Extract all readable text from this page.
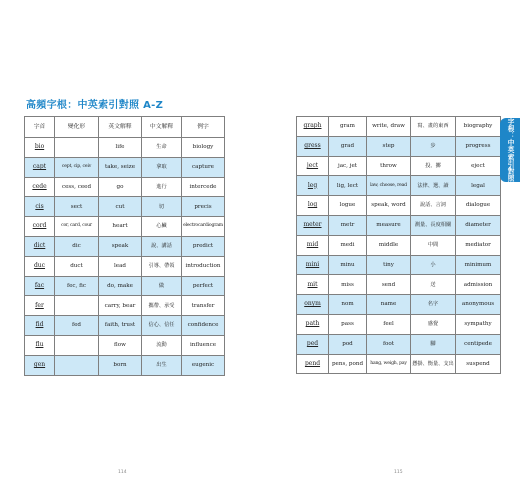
高頻字根：中英索引對照 A-Z
字首	變化形	英文解釋	中文解釋	例字
bio		life	生命	biology
capt	cept, cip, ceiv	take, seize	拿取	capture
cede	cess, ceed	go	進行	intercede
cis	sect	cut	切	precis
cord	cor, card, cour	heart	心臟	electrocardiogram
dict	dic	speak	說、講話	predict
duc	duct	lead	引導、帶領	introduction
fac	fec, fic	do, make	做	perfect
fer		carry, bear	攜帶、承受	transfer
fid	fed	faith, trust	信心、信任	confidence
flu		flow	流動	influence
gen		born	出生	eugenic
graph	gram	write, draw	寫、畫的東西	biography
gress	grad	step	步	progress
ject	jac, jet	throw	投、擲	eject
leg	lig, lect	law, choose, read	法律、選、讀	legal
log	logue	speak, word	說話、言詞	dialogue
meter	metr	measure	測量、長度相關	diameter
mid	medi	middle	中間	mediator
mini	minu	tiny	小	minimum
mit	miss	send	送	admission
onym	nom	name	名字	anonymous
path	pass	feel	感覺	sympathy
ped	pod	foot	腳	centipede
pend	pens, pond	hang, weigh, pay	懸掛、衡量、支出	suspend
114	115
字根：中英索引對照
